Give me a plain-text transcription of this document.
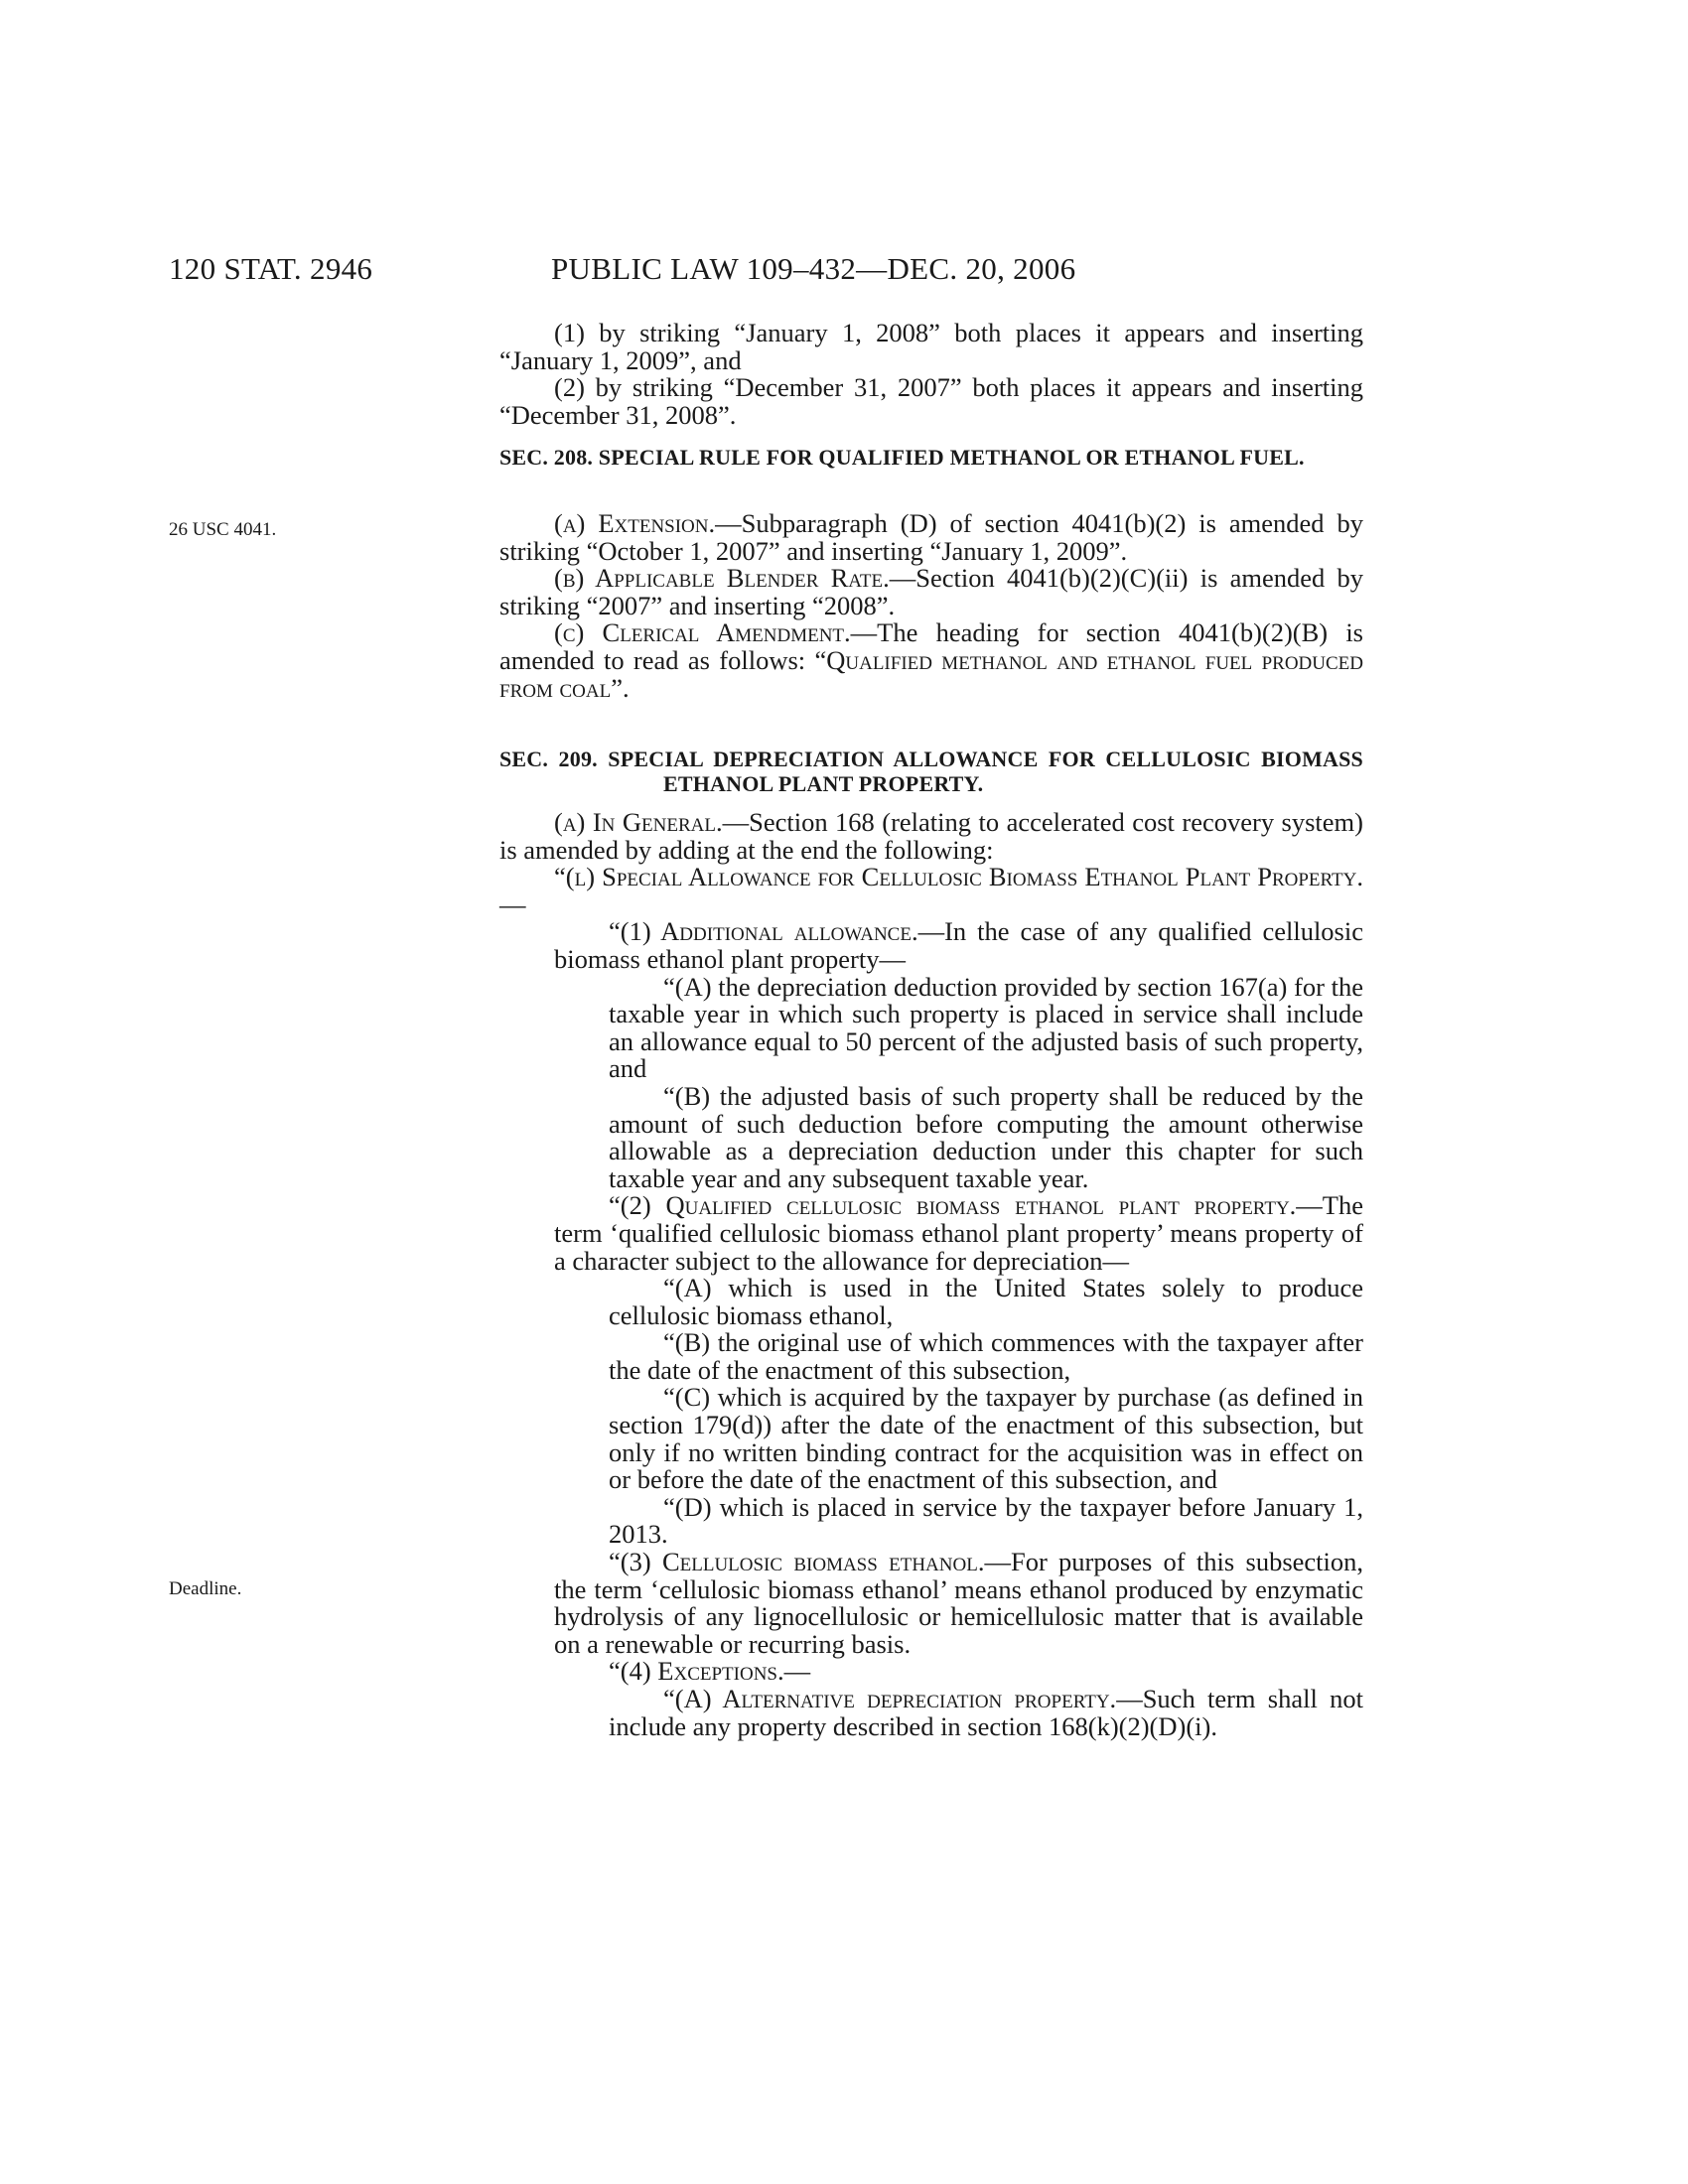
120 STAT. 2946	PUBLIC LAW 109–432—DEC. 20, 2006
26 USC 4041.
Deadline.

(1) by striking “January 1, 2008” both places it appears and inserting “January 1, 2009”, and

(2) by striking “December 31, 2007” both places it appears and inserting “December 31, 2008”.

SEC. 208. SPECIAL RULE FOR QUALIFIED METHANOL OR ETHANOL FUEL.

(a) Extension.—Subparagraph (D) of section 4041(b)(2) is amended by striking “October 1, 2007” and inserting “January 1, 2009”.

(b) Applicable Blender Rate.—Section 4041(b)(2)(C)(ii) is amended by striking “2007” and inserting “2008”.

(c) Clerical Amendment.—The heading for section 4041(b)(2)(B) is amended to read as follows: “Qualified methanol and ethanol fuel produced from coal”.

SEC. 209. SPECIAL DEPRECIATION ALLOWANCE FOR CELLULOSIC BIOMASS ETHANOL PLANT PROPERTY.

(a) In General.—Section 168 (relating to accelerated cost recovery system) is amended by adding at the end the following:

“(l) Special Allowance for Cellulosic Biomass Ethanol Plant Property.—

“(1) Additional allowance.—In the case of any qualified cellulosic biomass ethanol plant property—

“(A) the depreciation deduction provided by section 167(a) for the taxable year in which such property is placed in service shall include an allowance equal to 50 percent of the adjusted basis of such property, and

“(B) the adjusted basis of such property shall be reduced by the amount of such deduction before computing the amount otherwise allowable as a depreciation deduction under this chapter for such taxable year and any subsequent taxable year.

“(2) Qualified cellulosic biomass ethanol plant property.—The term ‘qualified cellulosic biomass ethanol plant property’ means property of a character subject to the allowance for depreciation—

“(A) which is used in the United States solely to produce cellulosic biomass ethanol,

“(B) the original use of which commences with the taxpayer after the date of the enactment of this subsection,

“(C) which is acquired by the taxpayer by purchase (as defined in section 179(d)) after the date of the enactment of this subsection, but only if no written binding contract for the acquisition was in effect on or before the date of the enactment of this subsection, and

“(D) which is placed in service by the taxpayer before January 1, 2013.

“(3) Cellulosic biomass ethanol.—For purposes of this subsection, the term ‘cellulosic biomass ethanol’ means ethanol produced by enzymatic hydrolysis of any lignocellulosic or hemicellulosic matter that is available on a renewable or recurring basis.

“(4) Exceptions.—

“(A) Alternative depreciation property.—Such term shall not include any property described in section 168(k)(2)(D)(i).
